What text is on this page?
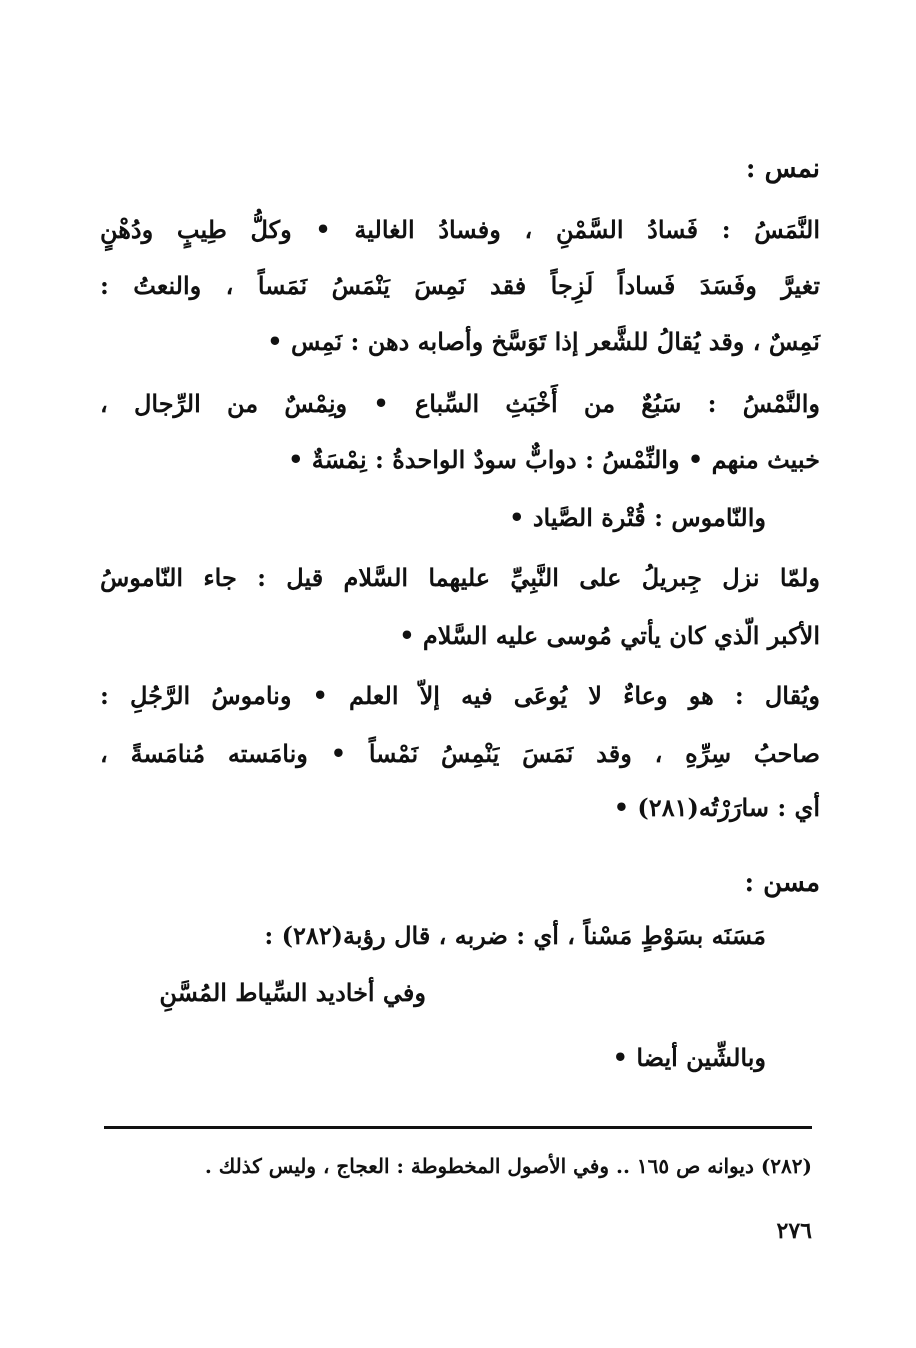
نمس :
النَّمَسُ : فَسادُ السَّمْنِ ، وفسادُ الغالية • وكلُّ طِيبٍ ودُهْنٍ
تغيرَّ وفَسَدَ فَساداً لَزِجاً فقد نَمِسَ يَنْمَسُ نَمَساً ، والنعتُ :
نَمِسٌ ، وقد يُقالُ للشَّعر إذا تَوَسَّخ وأصابه دهن : نَمِس •
والنَّمْسُ : سَبُعٌ من أَخْبَثِ السِّباع • ونِمْسٌ من الرِّجال ،
خبيث منهم • والنِّمْسُ : دوابٌّ سودٌ الواحدةُ : نِمْسَةٌ •
والنّاموس : قُتْرة الصَّياد •
ولمّا نزل جِبريلُ على النَّبِيِّ عليهما السَّلام قيل : جاء النّاموسُ
الأكبر الّذي كان يأتي مُوسى عليه السَّلام •
ويُقال : هو وعاءٌ لا يُوعَى فيه إلاّ العلم • وناموسُ الرَّجُلِ :
صاحبُ سِرِّهِ ، وقد نَمَسَ يَنْمِسُ نَمْساً • ونامَسته مُنامَسةً ،
أي : سارَرْتُه(٢٨١) •
مسن :
مَسَنَه بسَوْطٍ مَسْناً ، أي : ضربه ، قال رؤبة(٢٨٢) :
وفي أخاديد السِّياط المُسَّنِ
وبالشِّين أيضا •
(٢٨٢) ديوانه ص ١٦٥ .. وفي الأصول المخطوطة : العجاج ، وليس كذلك .
٢٧٦
